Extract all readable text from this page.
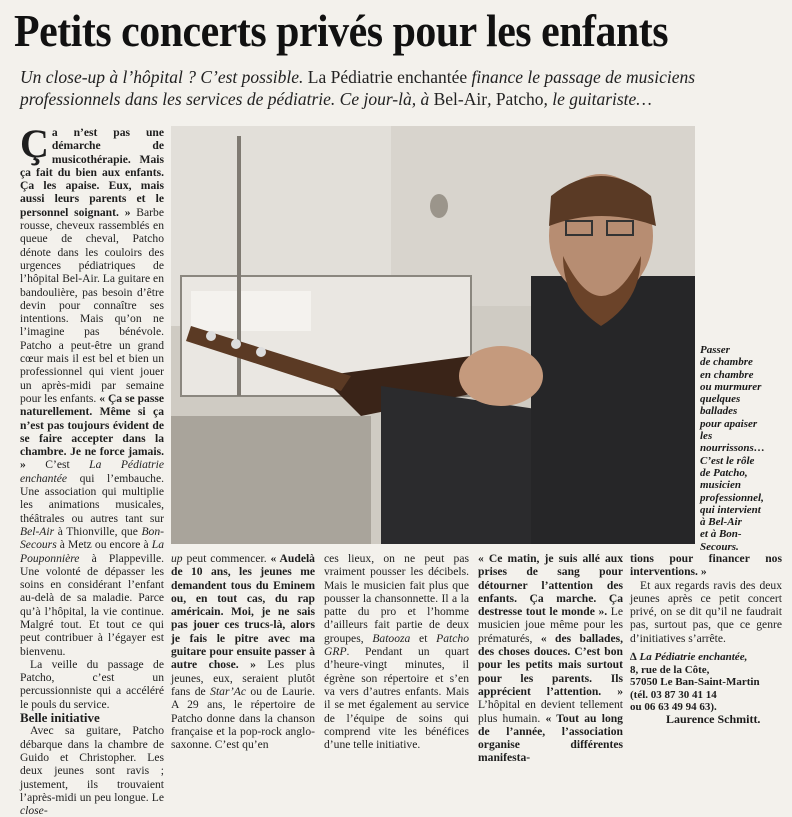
Petits concerts privés pour les enfants
Un close-up à l’hôpital ? C’est possible. La Pédiatrie enchantée finance le passage de musiciens professionnels dans les services de pédiatrie. Ce jour-là, à Bel-Air, Patcho, le guitariste…

Ça n’est pas une démarche de musicothérapie. Mais ça fait du bien aux enfants. Ça les apaise. Eux, mais aussi leurs parents et le personnel soignant. » Barbe rousse, cheveux rassemblés en queue de cheval, Patcho dénote dans les couloirs des urgences pédiatriques de l’hôpital Bel-Air. La guitare en bandoulière, pas besoin d’être devin pour connaître ses intentions. Mais qu’on ne l’imagine pas bénévole. Patcho a peut-être un grand cœur mais il est bel et bien un professionnel qui vient jouer un après-midi par semaine pour les enfants. « Ça se passe naturellement. Même si ça n’est pas toujours évident de se faire accepter dans la chambre. Je ne force jamais. » C’est La Pédiatrie enchantée qui l’embauche. Une association qui multiplie les animations musicales, théâtrales ou autres tant sur Bel-Air à Thionville, que Bon-Secours à Metz ou encore à La Pouponnière à Plappeville. Une volonté de dépasser les soins en considérant l’enfant au-delà de sa maladie. Parce qu’à l’hôpital, la vie continue. Malgré tout. Et tout ce qui peut contribuer à l’égayer est bienvenu.

La veille du passage de Patcho, c’est un percussionniste qui a accéléré le pouls du service.

Belle initiative

Avec sa guitare, Patcho débarque dans la chambre de Guido et Christopher. Les deux jeunes sont ravis ; justement, ils trouvaient l’après-midi un peu longue. Le close-

up peut commencer. « Audelà de 10 ans, les jeunes me demandent tous du Eminem ou, en tout cas, du rap américain. Moi, je ne sais pas jouer ces trucs-là, alors je fais le pitre avec ma guitare pour ensuite passer à autre chose. » Les plus jeunes, eux, seraient plutôt fans de Star’Ac ou de Laurie. A 29 ans, le répertoire de Patcho donne dans la chanson française et la pop-rock anglo-saxonne. C’est qu’en

ces lieux, on ne peut pas vraiment pousser les décibels. Mais le musicien fait plus que pousser la chansonnette. Il a la patte du pro et l’homme d’ailleurs fait partie de deux groupes, Batooza et Patcho GRP. Pendant un quart d’heure-vingt minutes, il égrène son répertoire et s’en va vers d’autres enfants. Mais il se met également au service de l’équipe de soins qui comprend vite les bénéfices d’une telle initiative.

« Ce matin, je suis allé aux prises de sang pour détourner l’attention des enfants. Ça marche. Ça destresse tout le monde ». Le musicien joue même pour les prématurés, « des ballades, des choses douces. C’est bon pour les petits mais surtout pour les parents. Ils apprécient l’attention. » L’hôpital en devient tellement plus humain. « Tout au long de l’année, l’association organise différentes manifesta-

tions pour financer nos interventions. »

Et aux regards ravis des deux jeunes après ce petit concert privé, on se dit qu’il ne faudrait pas, surtout pas, que ce genre d’initiatives s’arrête.

∆ La Pédiatrie enchantée,
8, rue de la Côte,
57050 Le Ban-Saint-Martin
(tél. 03 87 30 41 14
ou 06 63 49 94 63).
Passer
de chambre
en chambre
ou murmurer
quelques
ballades
pour apaiser
les
nourrissons…
C’est le rôle
de Patcho,
musicien
professionnel,
qui intervient
à Bel-Air
et à Bon-
Secours.
Laurence Schmitt.
